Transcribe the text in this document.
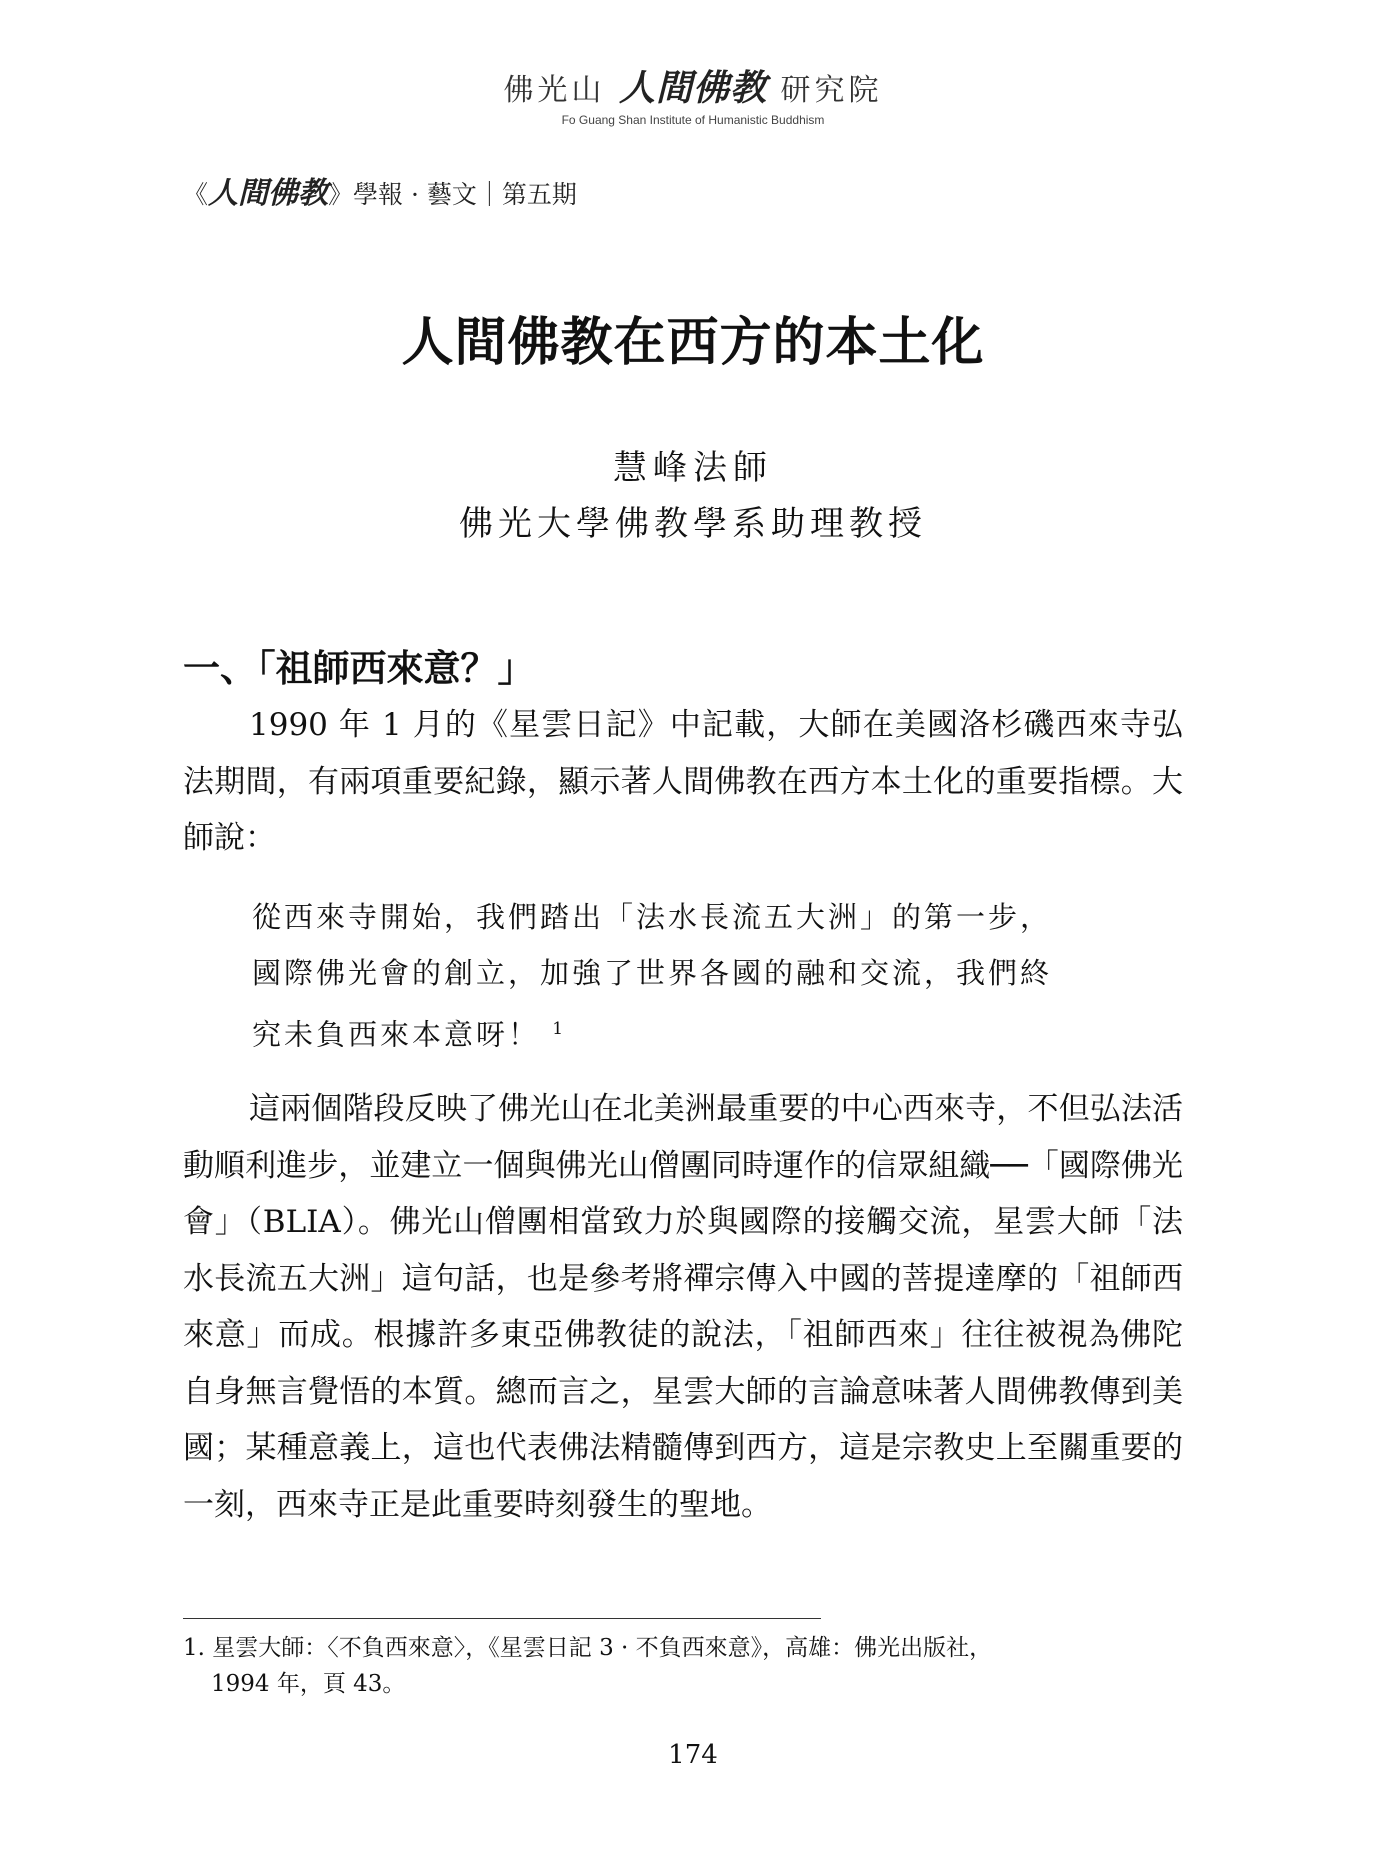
佛光山 人間佛教 研究院
Fo Guang Shan Institute of Humanistic Buddhism
《人間佛教》學報 · 藝文｜第五期
人間佛教在西方的本土化
慧峰法師
佛光大學佛教學系助理教授
一、「祖師西來意？」
1990 年 1 月的《星雲日記》中記載，大師在美國洛杉磯西來寺弘法期間，有兩項重要紀錄，顯示著人間佛教在西方本土化的重要指標。大師說：
從西來寺開始，我們踏出「法水長流五大洲」的第一步，
國際佛光會的創立，加強了世界各國的融和交流，我們終
究未負西來本意呀！ $^1$
這兩個階段反映了佛光山在北美洲最重要的中心西來寺，不但弘法活動順利進步，並建立一個與佛光山僧團同時運作的信眾組織──「國際佛光會」（BLIA）。佛光山僧團相當致力於與國際的接觸交流，星雲大師「法水長流五大洲」這句話，也是參考將禪宗傳入中國的菩提達摩的「祖師西來意」而成。根據許多東亞佛教徒的說法，「祖師西來」往往被視為佛陀自身無言覺悟的本質。總而言之，星雲大師的言論意味著人間佛教傳到美國；某種意義上，這也代表佛法精髓傳到西方，這是宗教史上至關重要的一刻，西來寺正是此重要時刻發生的聖地。
1. 星雲大師：〈不負西來意〉，《星雲日記 3 · 不負西來意》，高雄：佛光出版社，
1994 年，頁 43。
174
